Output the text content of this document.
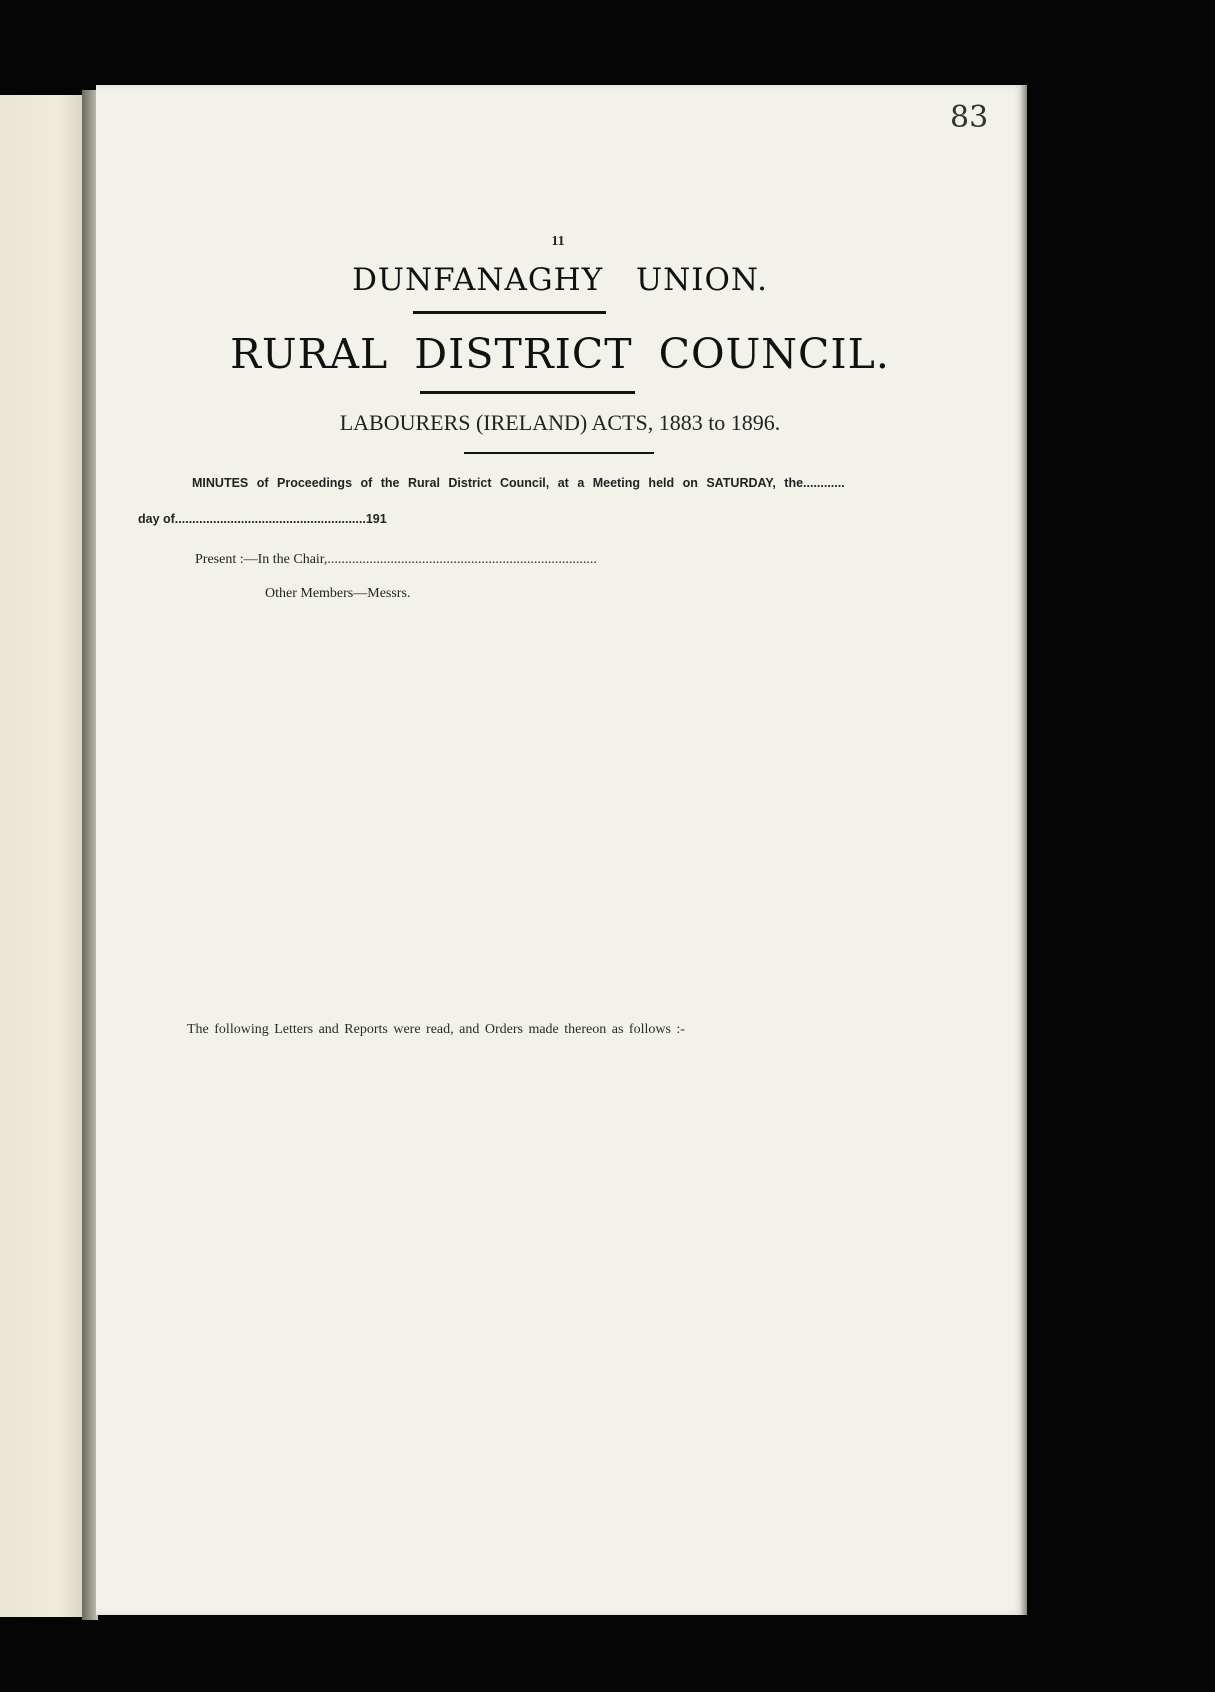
83
11
DUNFANAGHY UNION.
RURAL DISTRICT COUNCIL.
LABOURERS (IRELAND) ACTS, 1883 to 1896.
MINUTES of Proceedings of the Rural District Council, at a Meeting held on SATURDAY, the............
day of.......................................................191
Present :—In the Chair,.............................................................................
Other Members—Messrs.
The following Letters and Reports were read, and Orders made thereon as follows :-
